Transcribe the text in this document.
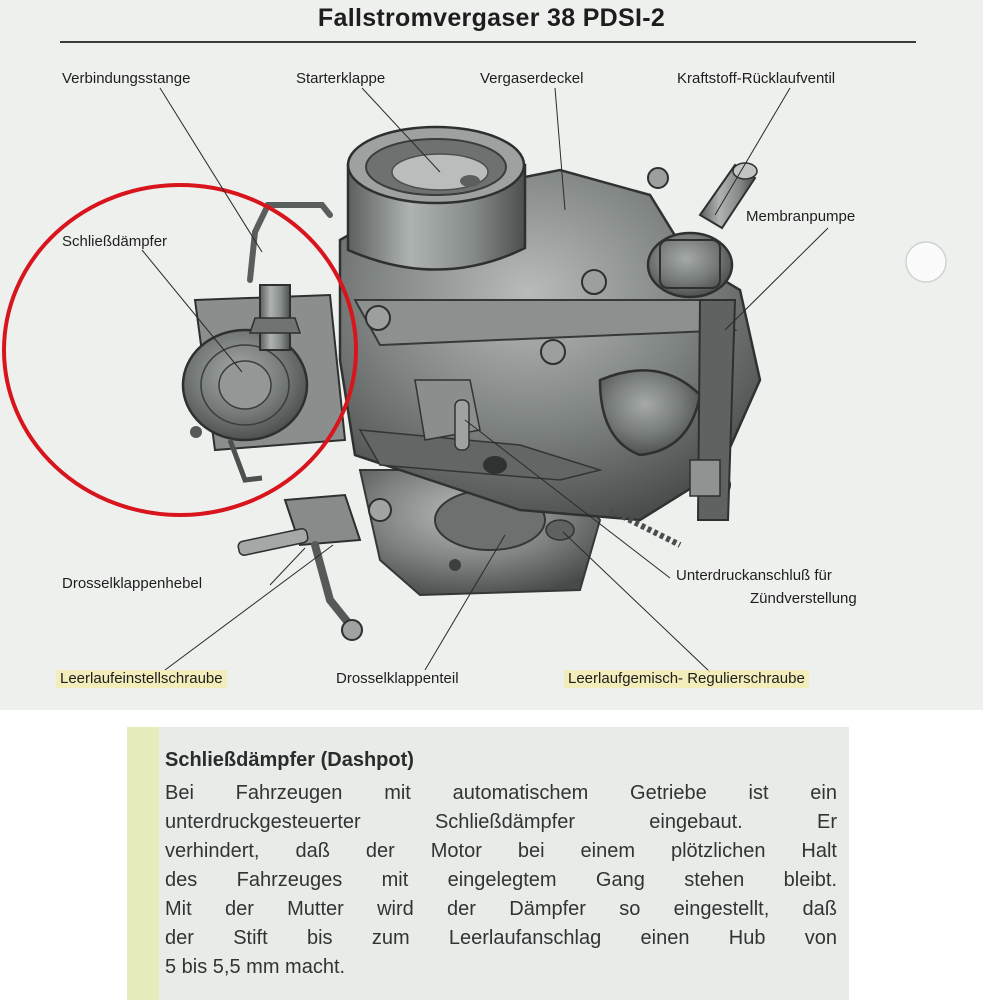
Fallstromvergaser 38 PDSI-2
Verbindungsstange	Starterklappe	Vergaserdeckel	Kraftstoff-Rücklaufventil
Membranpumpe
Schließdämpfer
Drosselklappenhebel	Unterdruckanschluß für
Zündverstellung
Leerlaufeinstellschraube	Drosselklappenteil	Leerlaufgemisch- Regulierschraube
Schließdämpfer (Dashpot)
Bei Fahrzeugen mit automatischem Getriebe ist ein
unterdruckgesteuerter Schließdämpfer eingebaut. Er
verhindert, daß der Motor bei einem plötzlichen Halt
des Fahrzeuges mit eingelegtem Gang stehen bleibt.
Mit der Mutter wird der Dämpfer so eingestellt, daß
der Stift bis zum Leerlaufanschlag einen Hub von
5 bis 5,5 mm macht.
